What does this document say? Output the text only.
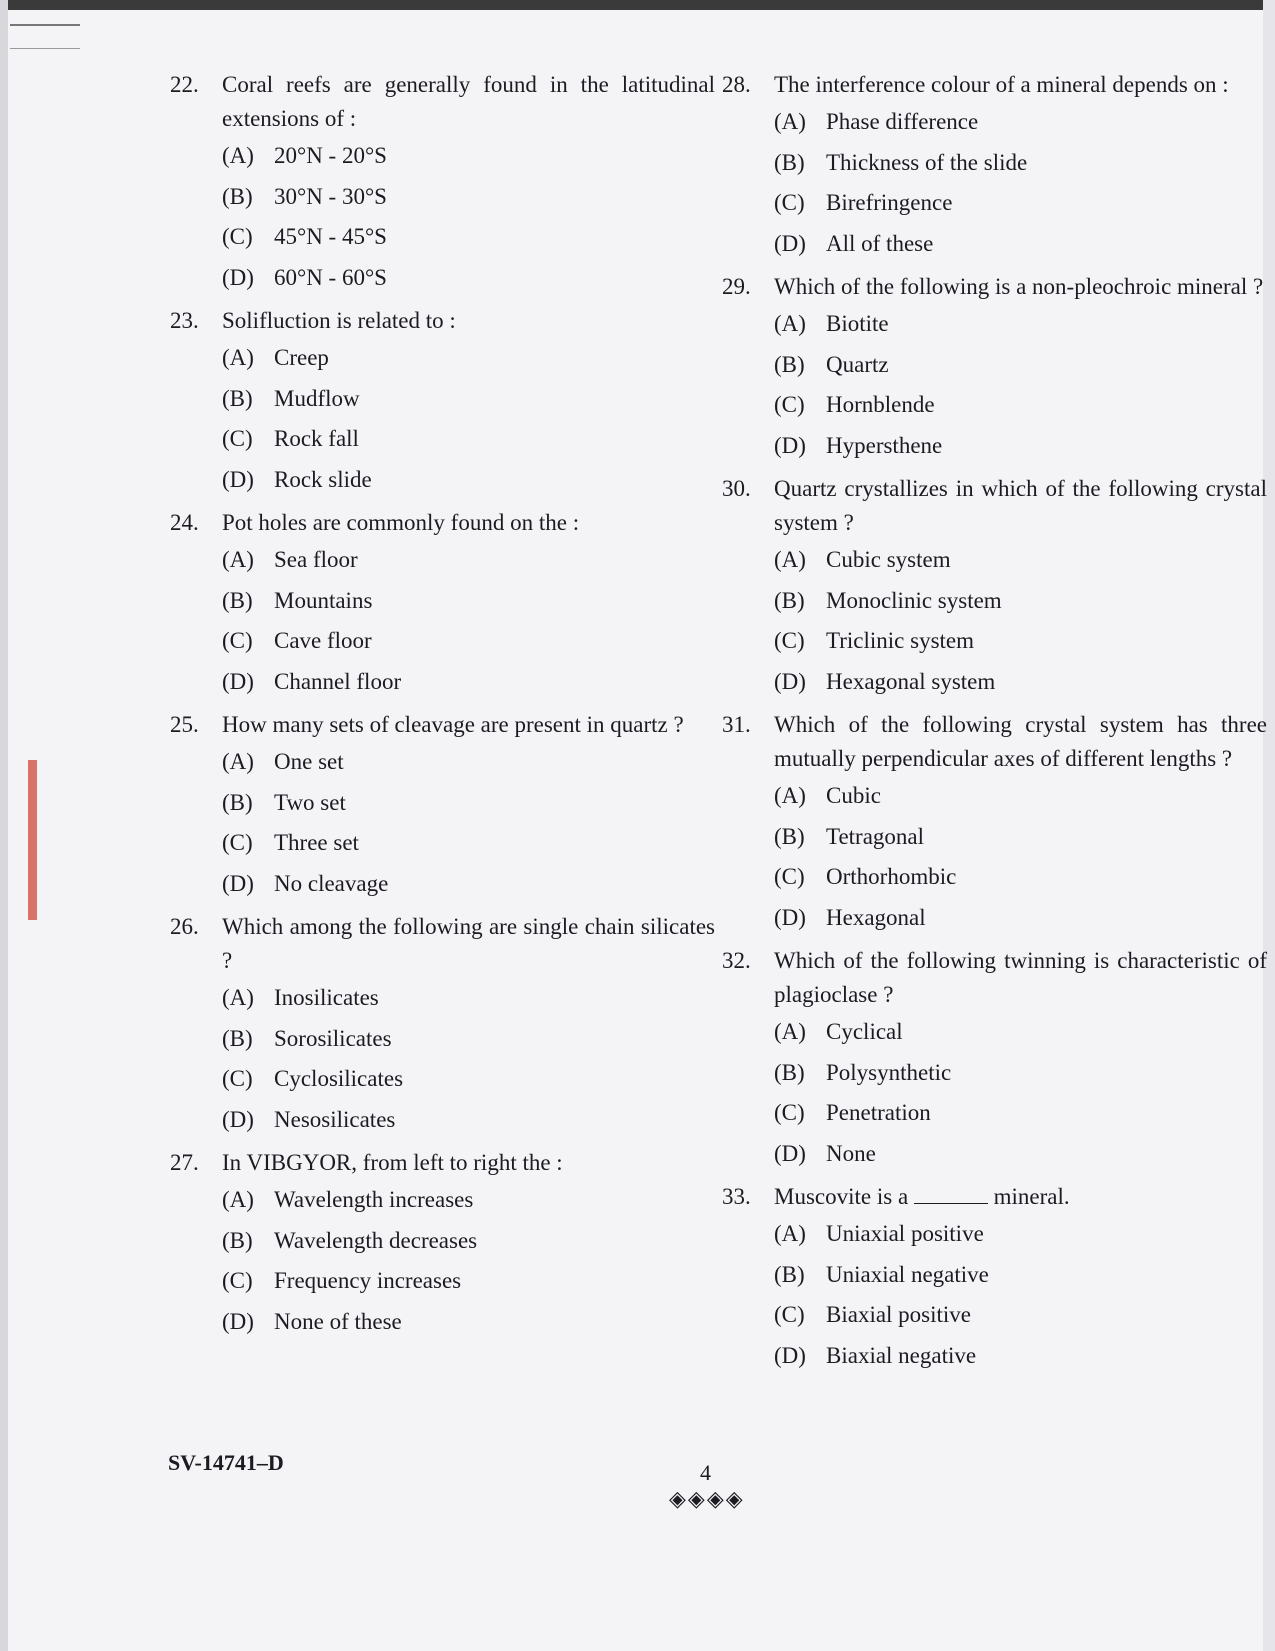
22.	Coral reefs are generally found in the latitudinal extensions of :
(A) 20°N - 20°S
(B) 30°N - 30°S
(C) 45°N - 45°S
(D) 60°N - 60°S
23.	Solifluction is related to :
(A) Creep
(B) Mudflow
(C) Rock fall
(D) Rock slide
24.	Pot holes are commonly found on the :
(A) Sea floor
(B) Mountains
(C) Cave floor
(D) Channel floor
25.	How many sets of cleavage are present in quartz ?
(A) One set
(B) Two set
(C) Three set
(D) No cleavage
26.	Which among the following are single chain silicates ?
(A) Inosilicates
(B) Sorosilicates
(C) Cyclosilicates
(D) Nesosilicates
27.	In VIBGYOR, from left to right the :
(A) Wavelength increases
(B) Wavelength decreases
(C) Frequency increases
(D) None of these
28.	The interference colour of a mineral depends on :
(A) Phase difference
(B) Thickness of the slide
(C) Birefringence
(D) All of these
29.	Which of the following is a non-pleochroic mineral ?
(A) Biotite
(B) Quartz
(C) Hornblende
(D) Hypersthene
30.	Quartz crystallizes in which of the following crystal system ?
(A) Cubic system
(B) Monoclinic system
(C) Triclinic system
(D) Hexagonal system
31.	Which of the following crystal system has three mutually perpendicular axes of different lengths ?
(A) Cubic
(B) Tetragonal
(C) Orthorhombic
(D) Hexagonal
32.	Which of the following twinning is characteristic of plagioclase ?
(A) Cyclical
(B) Polysynthetic
(C) Penetration
(D) None
33.	Muscovite is a	mineral.
(A) Uniaxial positive
(B) Uniaxial negative
(C) Biaxial positive
(D) Biaxial negative
SV-14741–D	4
◈◈◈◈
